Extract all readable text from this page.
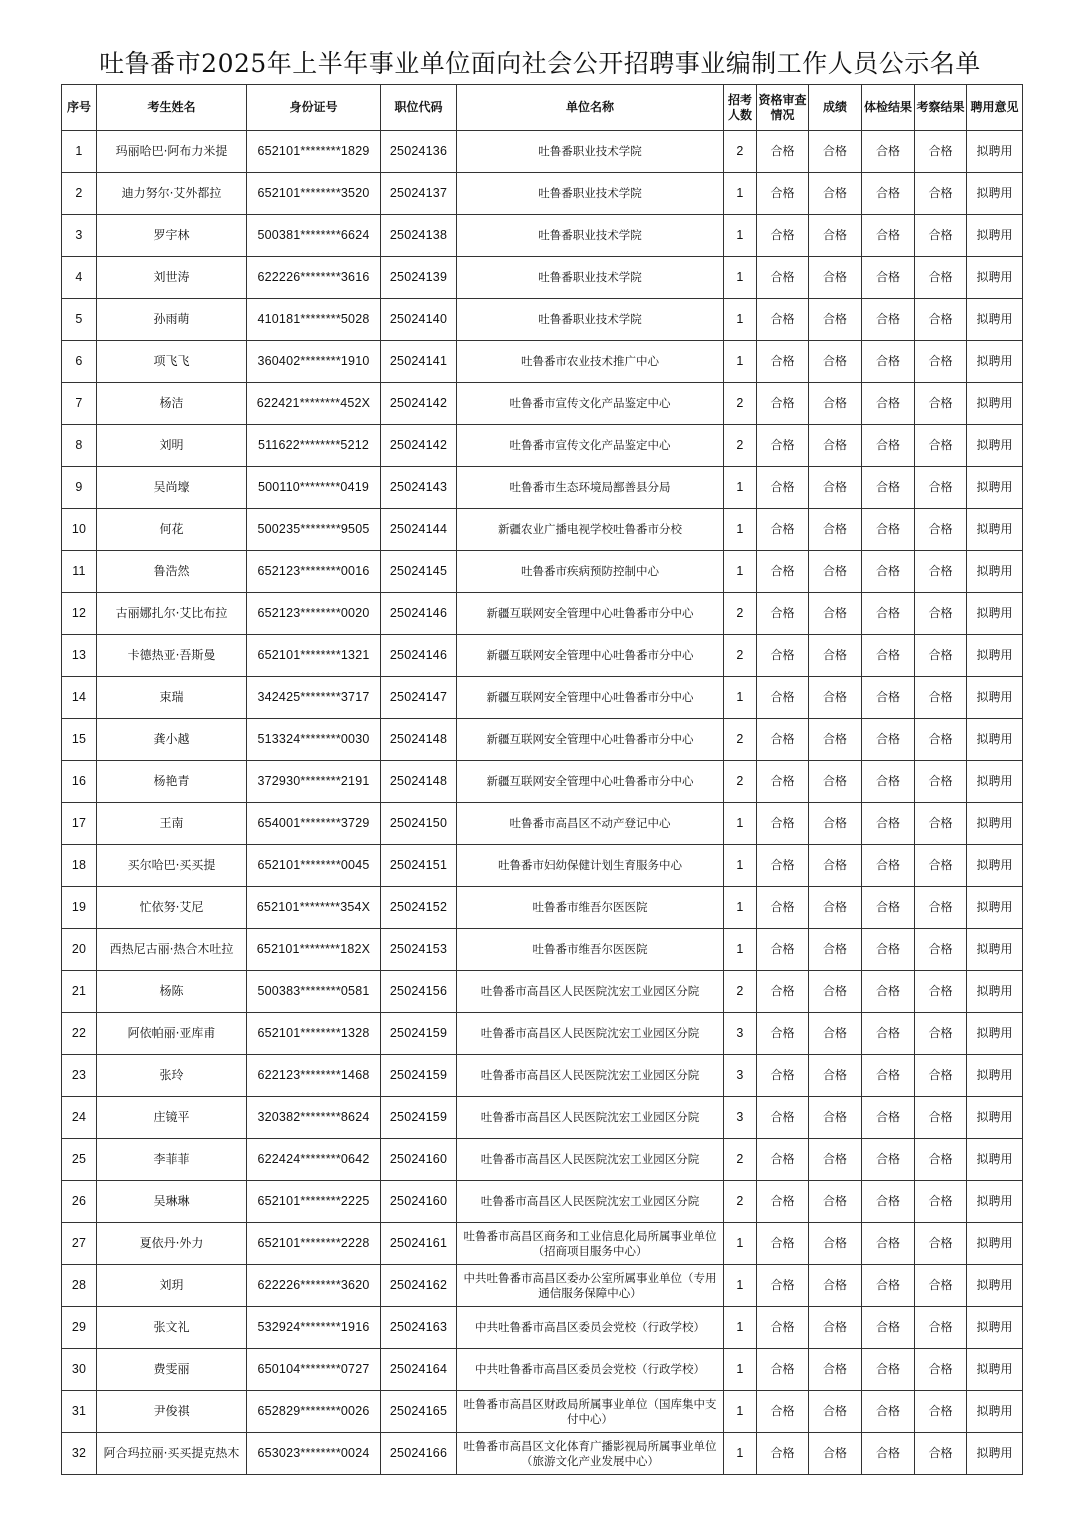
吐鲁番市2025年上半年事业单位面向社会公开招聘事业编制工作人员公示名单
序号	考生姓名	身份证号	职位代码	单位名称	招考人数	资格审查情况	成绩	体检结果	考察结果	聘用意见
1	玛丽哈巴·阿布力米提	652101********1829	25024136	吐鲁番职业技术学院	2	合格	合格	合格	合格	拟聘用
2	迪力努尔·艾外都拉	652101********3520	25024137	吐鲁番职业技术学院	1	合格	合格	合格	合格	拟聘用
3	罗宇林	500381********6624	25024138	吐鲁番职业技术学院	1	合格	合格	合格	合格	拟聘用
4	刘世涛	622226********3616	25024139	吐鲁番职业技术学院	1	合格	合格	合格	合格	拟聘用
5	孙雨萌	410181********5028	25024140	吐鲁番职业技术学院	1	合格	合格	合格	合格	拟聘用
6	项飞飞	360402********1910	25024141	吐鲁番市农业技术推广中心	1	合格	合格	合格	合格	拟聘用
7	杨洁	622421********452X	25024142	吐鲁番市宣传文化产品鉴定中心	2	合格	合格	合格	合格	拟聘用
8	刘明	511622********5212	25024142	吐鲁番市宣传文化产品鉴定中心	2	合格	合格	合格	合格	拟聘用
9	吴尚壕	500110********0419	25024143	吐鲁番市生态环境局鄯善县分局	1	合格	合格	合格	合格	拟聘用
10	何花	500235********9505	25024144	新疆农业广播电视学校吐鲁番市分校	1	合格	合格	合格	合格	拟聘用
11	鲁浩然	652123********0016	25024145	吐鲁番市疾病预防控制中心	1	合格	合格	合格	合格	拟聘用
12	古丽娜扎尔·艾比布拉	652123********0020	25024146	新疆互联网安全管理中心吐鲁番市分中心	2	合格	合格	合格	合格	拟聘用
13	卡德热亚·吾斯曼	652101********1321	25024146	新疆互联网安全管理中心吐鲁番市分中心	2	合格	合格	合格	合格	拟聘用
14	束瑞	342425********3717	25024147	新疆互联网安全管理中心吐鲁番市分中心	1	合格	合格	合格	合格	拟聘用
15	龚小越	513324********0030	25024148	新疆互联网安全管理中心吐鲁番市分中心	2	合格	合格	合格	合格	拟聘用
16	杨艳青	372930********2191	25024148	新疆互联网安全管理中心吐鲁番市分中心	2	合格	合格	合格	合格	拟聘用
17	王南	654001********3729	25024150	吐鲁番市高昌区不动产登记中心	1	合格	合格	合格	合格	拟聘用
18	买尔哈巴·买买提	652101********0045	25024151	吐鲁番市妇幼保健计划生育服务中心	1	合格	合格	合格	合格	拟聘用
19	忙依努·艾尼	652101********354X	25024152	吐鲁番市维吾尔医医院	1	合格	合格	合格	合格	拟聘用
20	西热尼古丽·热合木吐拉	652101********182X	25024153	吐鲁番市维吾尔医医院	1	合格	合格	合格	合格	拟聘用
21	杨陈	500383********0581	25024156	吐鲁番市高昌区人民医院沈宏工业园区分院	2	合格	合格	合格	合格	拟聘用
22	阿依帕丽·亚库甫	652101********1328	25024159	吐鲁番市高昌区人民医院沈宏工业园区分院	3	合格	合格	合格	合格	拟聘用
23	张玲	622123********1468	25024159	吐鲁番市高昌区人民医院沈宏工业园区分院	3	合格	合格	合格	合格	拟聘用
24	庄镜平	320382********8624	25024159	吐鲁番市高昌区人民医院沈宏工业园区分院	3	合格	合格	合格	合格	拟聘用
25	李菲菲	622424********0642	25024160	吐鲁番市高昌区人民医院沈宏工业园区分院	2	合格	合格	合格	合格	拟聘用
26	吴琳琳	652101********2225	25024160	吐鲁番市高昌区人民医院沈宏工业园区分院	2	合格	合格	合格	合格	拟聘用
27	夏依丹·外力	652101********2228	25024161	吐鲁番市高昌区商务和工业信息化局所属事业单位（招商项目服务中心）	1	合格	合格	合格	合格	拟聘用
28	刘玥	622226********3620	25024162	中共吐鲁番市高昌区委办公室所属事业单位（专用通信服务保障中心）	1	合格	合格	合格	合格	拟聘用
29	张文礼	532924********1916	25024163	中共吐鲁番市高昌区委员会党校（行政学校）	1	合格	合格	合格	合格	拟聘用
30	费雯丽	650104********0727	25024164	中共吐鲁番市高昌区委员会党校（行政学校）	1	合格	合格	合格	合格	拟聘用
31	尹俊祺	652829********0026	25024165	吐鲁番市高昌区财政局所属事业单位（国库集中支付中心）	1	合格	合格	合格	合格	拟聘用
32	阿合玛拉丽·买买提克热木	653023********0024	25024166	吐鲁番市高昌区文化体育广播影视局所属事业单位（旅游文化产业发展中心）	1	合格	合格	合格	合格	拟聘用
